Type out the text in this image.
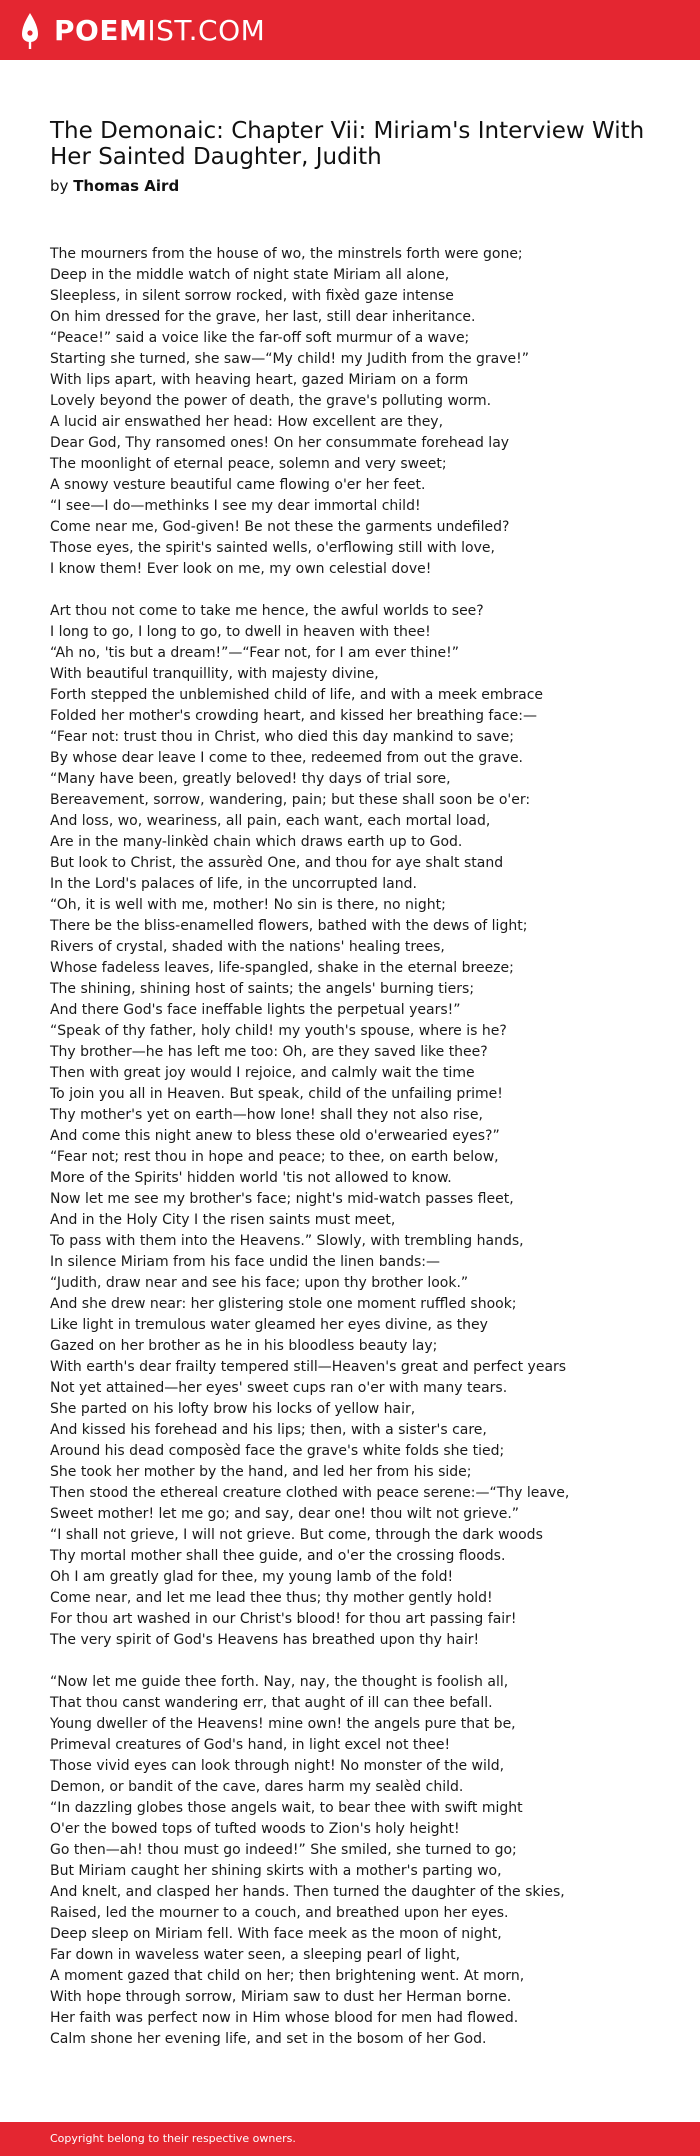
POEMIST.COM
The Demonaic: Chapter Vii: Miriam's Interview With Her Sainted Daughter, Judith
by Thomas Aird
The mourners from the house of wo, the minstrels forth were gone;
Deep in the middle watch of night state Miriam all alone,
Sleepless, in silent sorrow rocked, with fixèd gaze intense
On him dressed for the grave, her last, still dear inheritance.
“Peace!” said a voice like the far-off soft murmur of a wave;
Starting she turned, she saw—“My child! my Judith from the grave!”
With lips apart, with heaving heart, gazed Miriam on a form
Lovely beyond the power of death, the grave's polluting worm.
A lucid air enswathed her head: How excellent are they,
Dear God, Thy ransomed ones! On her consummate forehead lay
The moonlight of eternal peace, solemn and very sweet;
A snowy vesture beautiful came flowing o'er her feet.
“I see—I do—methinks I see my dear immortal child!
Come near me, God-given! Be not these the garments undefiled?
Those eyes, the spirit's sainted wells, o'erflowing still with love,
I know them! Ever look on me, my own celestial dove!
Art thou not come to take me hence, the awful worlds to see?
I long to go, I long to go, to dwell in heaven with thee!
“Ah no, 'tis but a dream!”—“Fear not, for I am ever thine!”
With beautiful tranquillity, with majesty divine,
Forth stepped the unblemished child of life, and with a meek embrace
Folded her mother's crowding heart, and kissed her breathing face:—
“Fear not: trust thou in Christ, who died this day mankind to save;
By whose dear leave I come to thee, redeemed from out the grave.
“Many have been, greatly beloved! thy days of trial sore,
Bereavement, sorrow, wandering, pain; but these shall soon be o'er:
And loss, wo, weariness, all pain, each want, each mortal load,
Are in the many-linkèd chain which draws earth up to God.
But look to Christ, the assurèd One, and thou for aye shalt stand
In the Lord's palaces of life, in the uncorrupted land.
“Oh, it is well with me, mother! No sin is there, no night;
There be the bliss-enamelled flowers, bathed with the dews of light;
Rivers of crystal, shaded with the nations' healing trees,
Whose fadeless leaves, life-spangled, shake in the eternal breeze;
The shining, shining host of saints; the angels' burning tiers;
And there God's face ineffable lights the perpetual years!”
“Speak of thy father, holy child! my youth's spouse, where is he?
Thy brother—he has left me too: Oh, are they saved like thee?
Then with great joy would I rejoice, and calmly wait the time
To join you all in Heaven. But speak, child of the unfailing prime!
Thy mother's yet on earth—how lone! shall they not also rise,
And come this night anew to bless these old o'erwearied eyes?”
“Fear not; rest thou in hope and peace; to thee, on earth below,
More of the Spirits' hidden world 'tis not allowed to know.
Now let me see my brother's face; night's mid-watch passes fleet,
And in the Holy City I the risen saints must meet,
To pass with them into the Heavens.” Slowly, with trembling hands,
In silence Miriam from his face undid the linen bands:—
“Judith, draw near and see his face; upon thy brother look.”
And she drew near: her glistering stole one moment ruffled shook;
Like light in tremulous water gleamed her eyes divine, as they
Gazed on her brother as he in his bloodless beauty lay;
With earth's dear frailty tempered still—Heaven's great and perfect years
Not yet attained—her eyes' sweet cups ran o'er with many tears.
She parted on his lofty brow his locks of yellow hair,
And kissed his forehead and his lips; then, with a sister's care,
Around his dead composèd face the grave's white folds she tied;
She took her mother by the hand, and led her from his side;
Then stood the ethereal creature clothed with peace serene:—“Thy leave,
Sweet mother! let me go; and say, dear one! thou wilt not grieve.”
“I shall not grieve, I will not grieve. But come, through the dark woods
Thy mortal mother shall thee guide, and o'er the crossing floods.
Oh I am greatly glad for thee, my young lamb of the fold!
Come near, and let me lead thee thus; thy mother gently hold!
For thou art washed in our Christ's blood! for thou art passing fair!
The very spirit of God's Heavens has breathed upon thy hair!
“Now let me guide thee forth. Nay, nay, the thought is foolish all,
That thou canst wandering err, that aught of ill can thee befall.
Young dweller of the Heavens! mine own! the angels pure that be,
Primeval creatures of God's hand, in light excel not thee!
Those vivid eyes can look through night! No monster of the wild,
Demon, or bandit of the cave, dares harm my sealèd child.
“In dazzling globes those angels wait, to bear thee with swift might
O'er the bowed tops of tufted woods to Zion's holy height!
Go then—ah! thou must go indeed!” She smiled, she turned to go;
But Miriam caught her shining skirts with a mother's parting wo,
And knelt, and clasped her hands. Then turned the daughter of the skies,
Raised, led the mourner to a couch, and breathed upon her eyes.
Deep sleep on Miriam fell. With face meek as the moon of night,
Far down in waveless water seen, a sleeping pearl of light,
A moment gazed that child on her; then brightening went. At morn,
With hope through sorrow, Miriam saw to dust her Herman borne.
Her faith was perfect now in Him whose blood for men had flowed.
Calm shone her evening life, and set in the bosom of her God.
Copyright belong to their respective owners.
